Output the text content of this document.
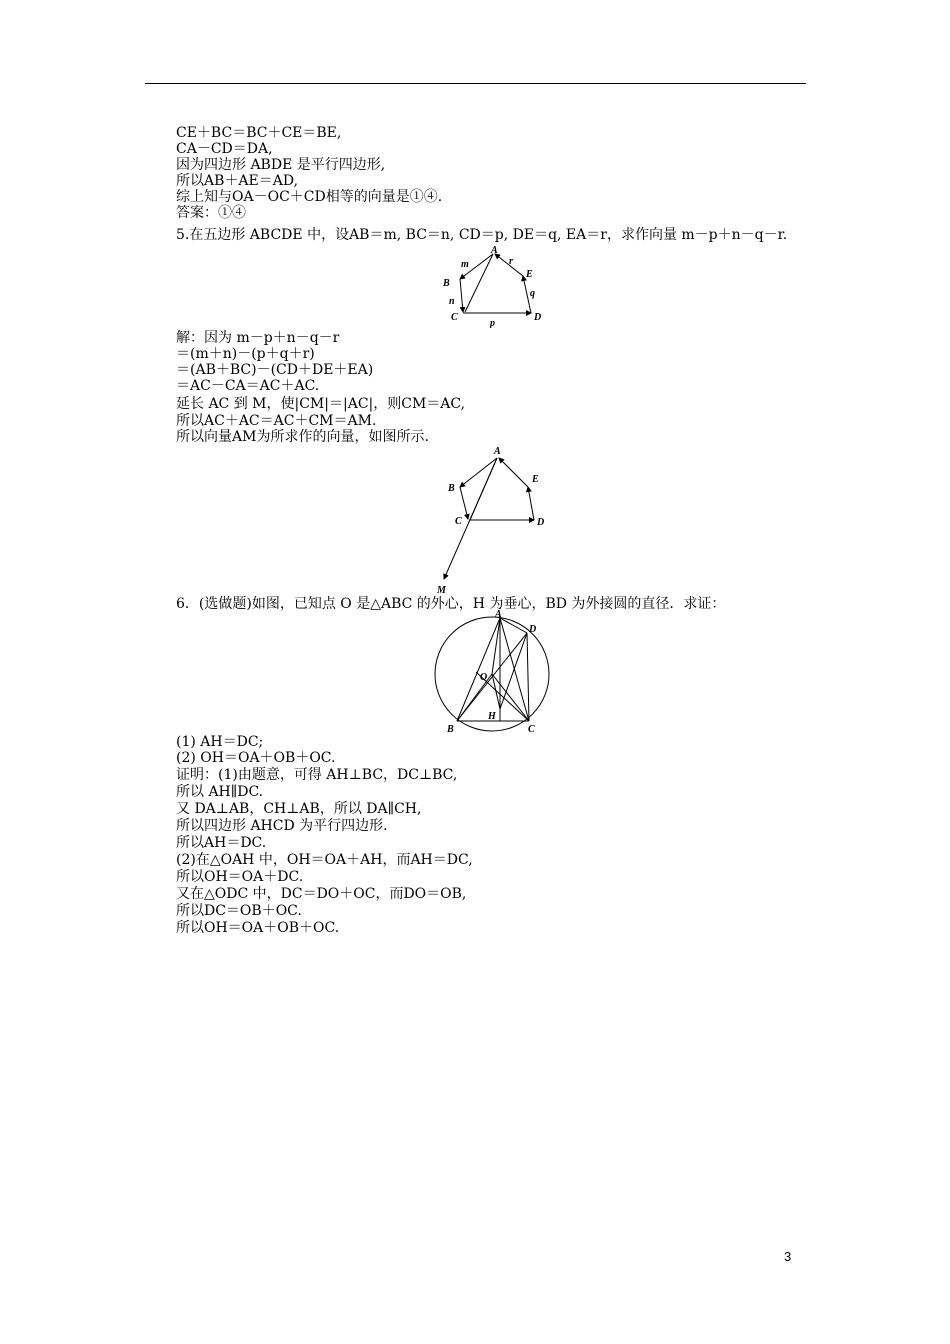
CE＋BC＝BC＋CE＝BE,
CA－CD＝DA,
因为四边形 ABDE 是平行四边形,
所以AB＋AE＝AD,
综上知与OA－OC＋CD相等的向量是①④.
答案：①④
5.在五边形 ABCDE 中，设AB＝m, BC＝n, CD＝p, DE＝q, EA＝r，求作向量 m－p＋n－q－r.
A
B
C	D
E
m
n
p
q
r
解：因为 m－p＋n－q－r
＝(m＋n)－(p＋q＋r)
＝(AB＋BC)－(CD＋DE＋EA)
＝AC－CA＝AC＋AC.
延长 AC 到 M，使|CM|＝|AC|，则CM＝AC,
所以AC＋AC＝AC＋CM＝AM.
所以向量AM为所求作的向量，如图所示.
A
B
C	D
E
M
6．(选做题)如图，已知点 O 是△ABC 的外心，H 为垂心，BD 为外接圆的直径．求证：
A
D
O
H
B	C
(1) AH＝DC;
(2) OH＝OA＋OB＋OC.
证明：(1)由题意，可得 AH⊥BC，DC⊥BC,
所以 AH∥DC.
又 DA⊥AB，CH⊥AB，所以 DA∥CH,
所以四边形 AHCD 为平行四边形.
所以AH＝DC.
(2)在△OAH 中，OH＝OA＋AH，而AH＝DC,
所以OH＝OA＋DC.
又在△ODC 中，DC＝DO＋OC，而DO＝OB,
所以DC＝OB＋OC.
所以OH＝OA＋OB＋OC.
3
